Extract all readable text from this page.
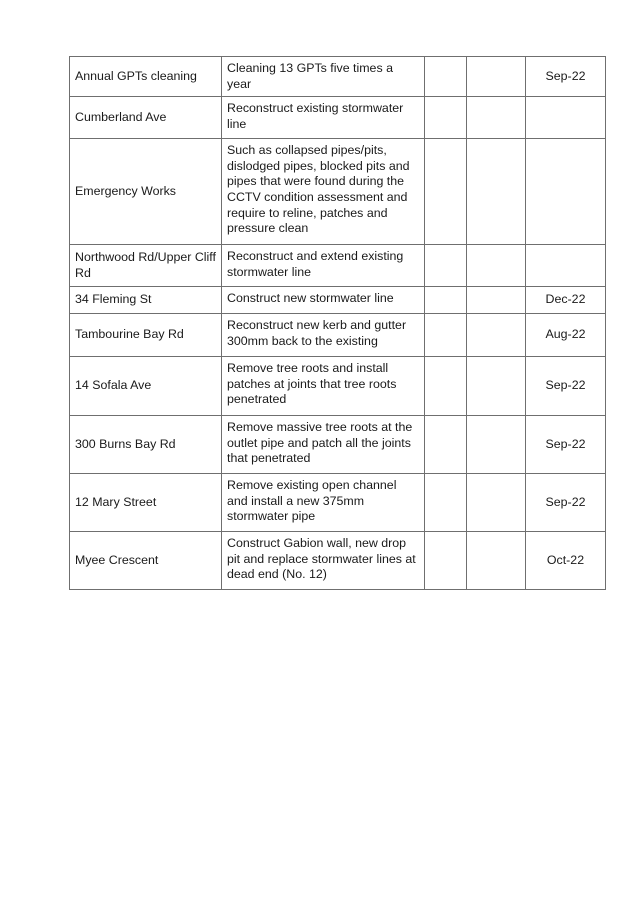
Annual GPTs cleaning	Cleaning 13 GPTs five times a year			Sep-22
Cumberland Ave	Reconstruct existing stormwater line			
Emergency Works	Such as collapsed pipes/pits, dislodged pipes, blocked pits and pipes that were found during the CCTV condition assessment and require to reline, patches and pressure clean			
Northwood Rd/Upper Cliff Rd	Reconstruct and extend existing stormwater line			
34 Fleming St	Construct new stormwater line			Dec-22
Tambourine Bay Rd	Reconstruct new kerb and gutter 300mm back to the existing			Aug-22
14 Sofala Ave	Remove tree roots and install patches at joints that tree roots penetrated			Sep-22
300 Burns Bay Rd	Remove massive tree roots at the outlet pipe and patch all the joints that penetrated			Sep-22
12 Mary Street	Remove existing open channel and install a new 375mm stormwater pipe			Sep-22
Myee Crescent	Construct Gabion wall, new drop pit and replace stormwater lines at dead end (No. 12)			Oct-22
